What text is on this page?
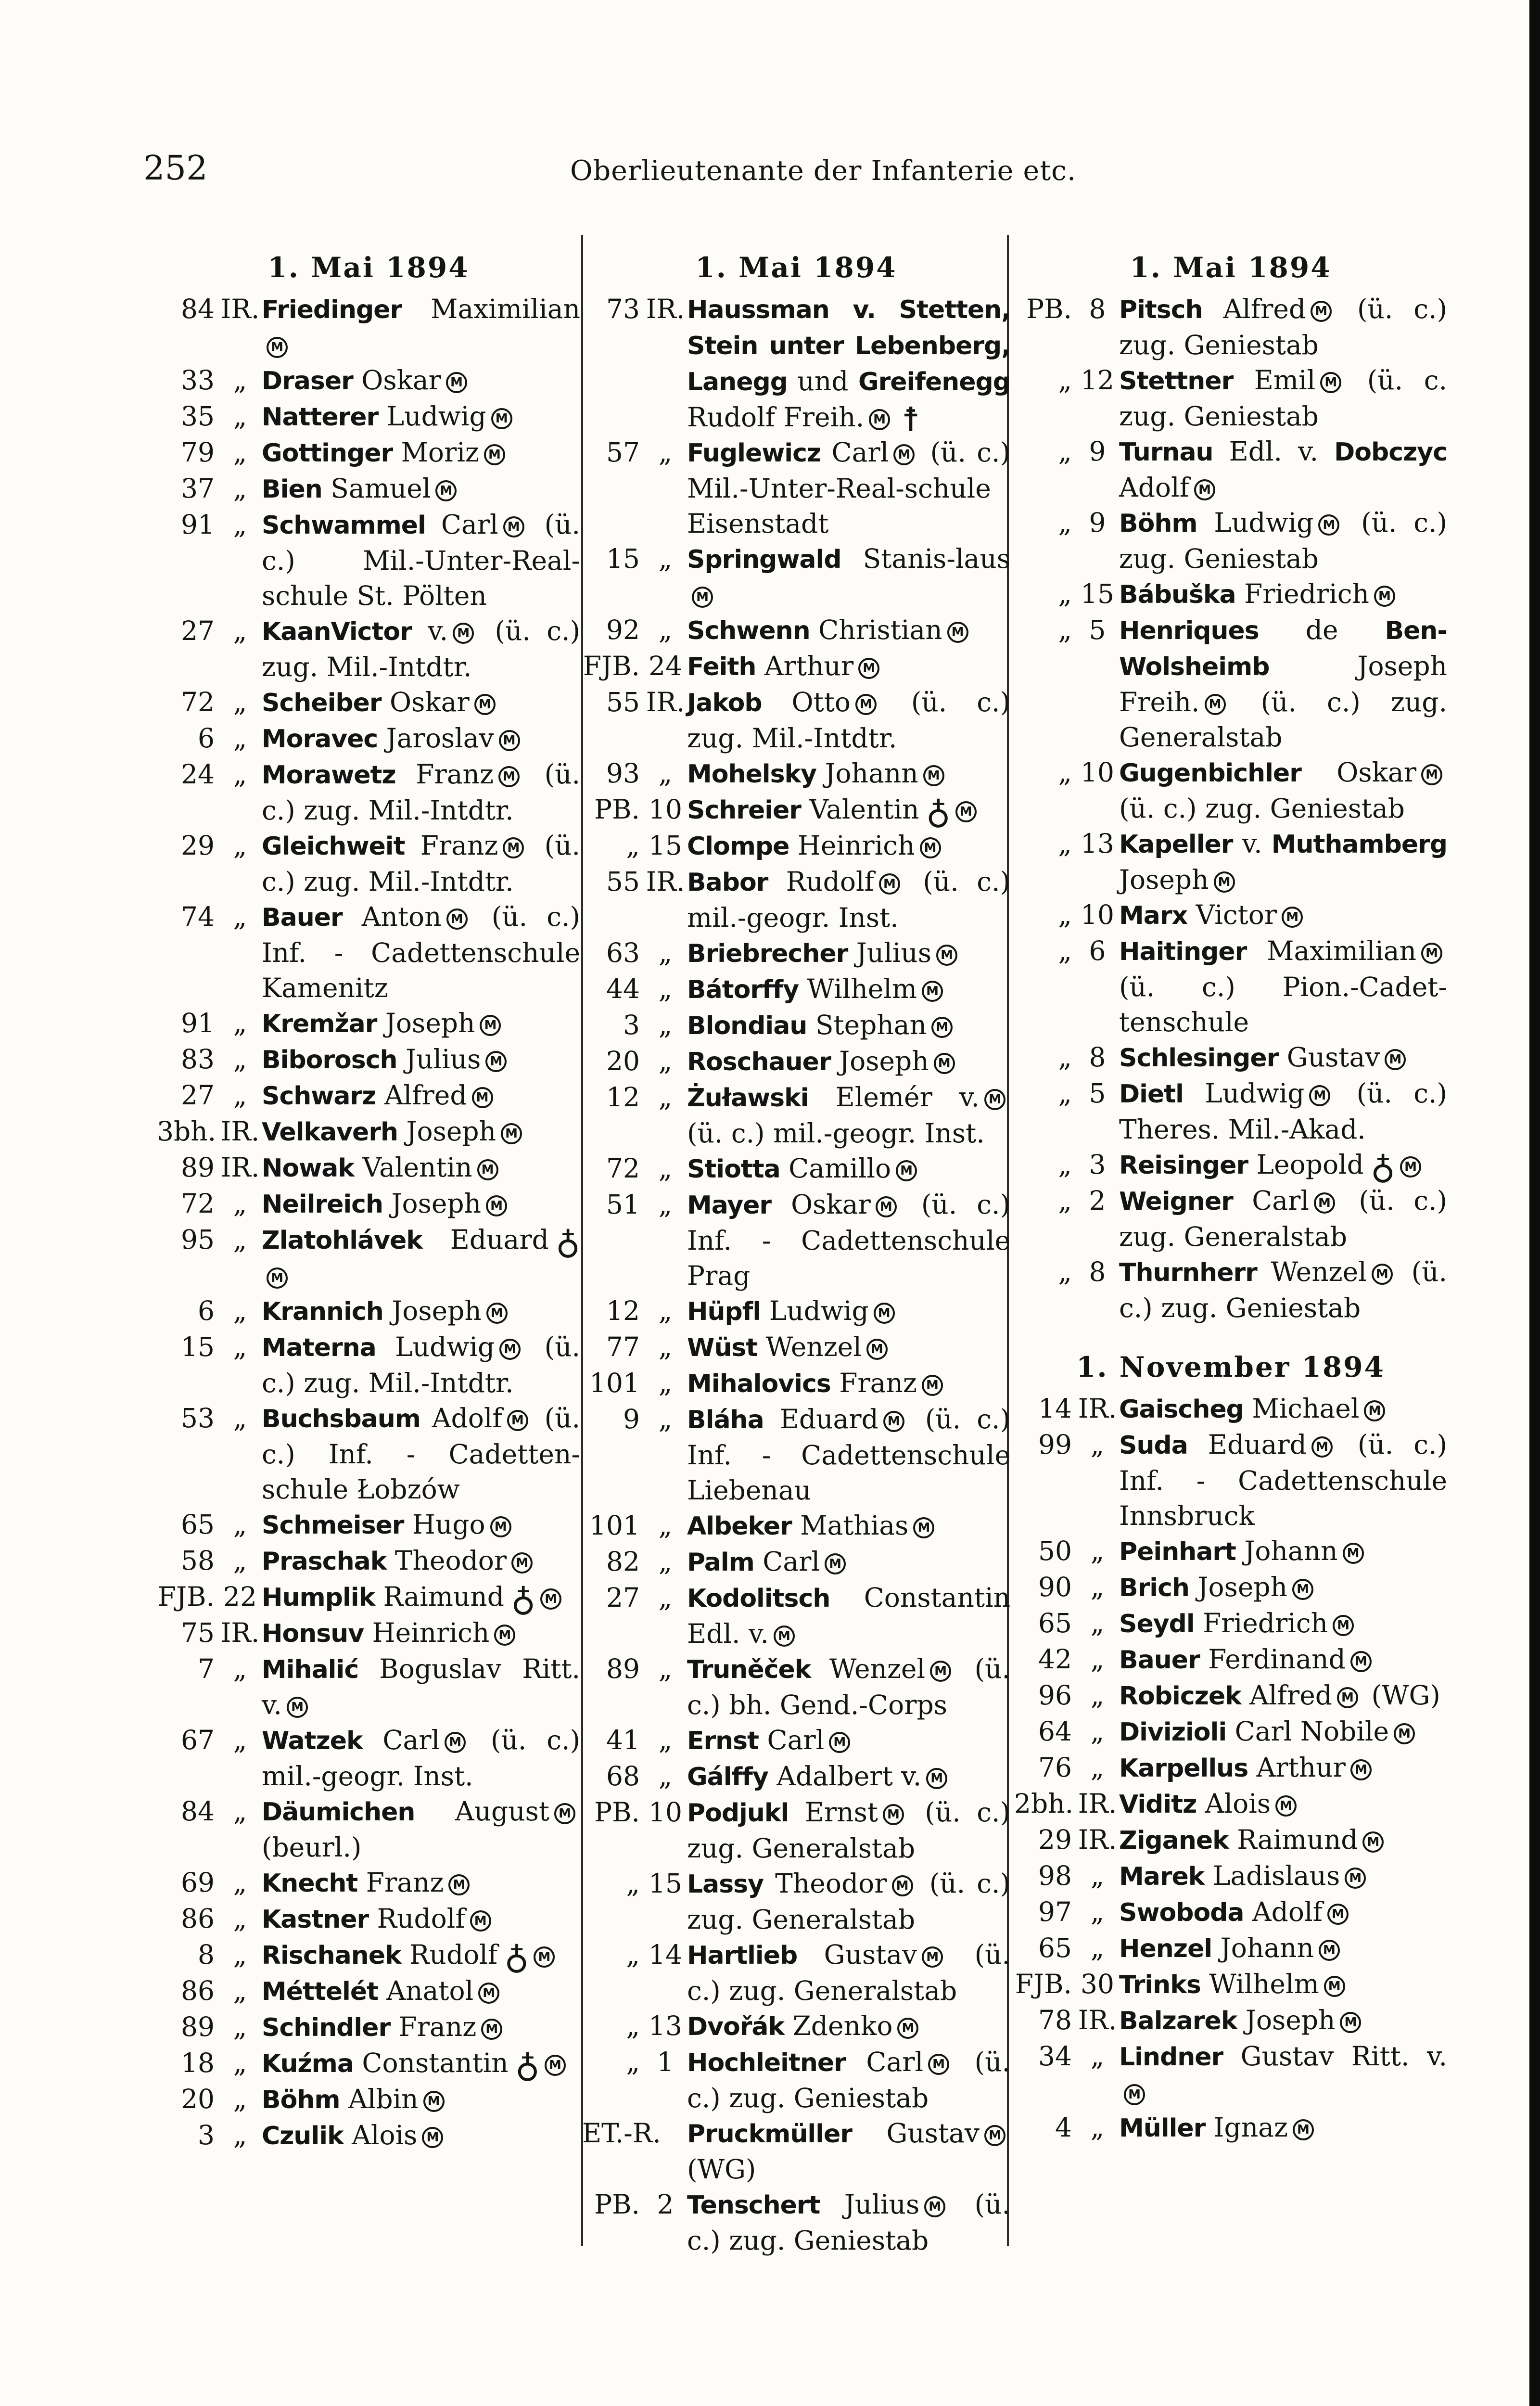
252	Oberlieutenante der Infanterie etc.
1. Mai 1894
84 IR. Friedinger MaximilianM
33 „ Draser Oskar M
35 „ Natterer Ludwig M
79 „ Gottinger Moriz M
37 „ Bien Samuel M
91 „ Schwammel Carl M (ü. c.) Mil.-Unter-Real-schule St. Pölten
27 „ KaanVictor v. M (ü. c.) zug. Mil.-Intdtr.
72 „ Scheiber Oskar M
6 „ Moravec Jaroslav M
24 „ Morawetz Franz M (ü. c.) zug. Mil.-Intdtr.
29 „ Gleichweit Franz M (ü. c.) zug. Mil.-Intdtr.
74 „ Bauer Anton M (ü. c.) Inf. - Cadettenschule Kamenitz
91 „ Kremžar Joseph M
83 „ Biborosch Julius M
27 „ Schwarz Alfred M
3bh. IR. Velkaverh Joseph M
89 IR. Nowak Valentin M
72 „ Neilreich Joseph M
95 „ Zlatohlávek Eduard ♁M
6 „ Krannich Joseph M
15 „ Materna Ludwig M (ü. c.) zug. Mil.-Intdtr.
53 „ Buchsbaum Adolf M (ü. c.) Inf. - Cadetten-schule Łobzów
65 „ Schmeiser Hugo M
58 „ Praschak Theodor M
FJB. 22 Humplik Raimund ♁ M
75 IR. Honsuv Heinrich M
7 „ Mihalić Boguslav Ritt. v. M
67 „ Watzek Carl M (ü. c.) mil.-geogr. Inst.
84 „ Däumichen August M (beurl.)
69 „ Knecht Franz M
86 „ Kastner Rudolf M
8 „ Rischanek Rudolf ♁ M
86 „ Méttelét Anatol M
89 „ Schindler Franz M
18 „ Kuźma Constantin ♁ M
20 „ Böhm Albin M
3 „ Czulik Alois M
1. Mai 1894
73 IR. Haussman v. Stetten, Stein unter Lebenberg, Lanegg und Greifenegg Rudolf Freih. M ☨
57 „ Fuglewicz Carl M (ü. c.) Mil.-Unter-Real-schule Eisenstadt
15 „ Springwald Stanis-lausM
92 „ Schwenn Christian M
FJB. 24 Feith Arthur M
55 IR. Jakob Otto M (ü. c.) zug. Mil.-Intdtr.
93 „ Mohelsky Johann M
PB. 10 Schreier Valentin ♁ M
„ 15 Clompe Heinrich M
55 IR. Babor Rudolf M (ü. c.) mil.-geogr. Inst.
63 „ Briebrecher Julius M
44 „ Bátorffy Wilhelm M
3 „ Blondiau Stephan M
20 „ Roschauer Joseph M
12 „ Żuławski Elemér v. M (ü. c.) mil.-geogr. Inst.
72 „ Stiotta Camillo M
51 „ Mayer Oskar M (ü. c.) Inf. - Cadettenschule Prag
12 „ Hüpfl Ludwig M
77 „ Wüst Wenzel M
101 „ Mihalovics Franz M
9 „ Bláha Eduard M (ü. c.) Inf. - Cadettenschule Liebenau
101 „ Albeker Mathias M
82 „ Palm Carl M
27 „ Kodolitsch Constantin Edl. v. M
89 „ Truněček Wenzel M (ü. c.) bh. Gend.-Corps
41 „ Ernst Carl M
68 „ Gálffy Adalbert v. M
PB. 10 Podjukl Ernst M (ü. c.) zug. Generalstab
„ 15 Lassy Theodor M (ü. c.) zug. Generalstab
„ 14 Hartlieb Gustav M (ü. c.) zug. Generalstab
„ 13 Dvořák Zdenko M
„ 1 Hochleitner Carl M (ü. c.) zug. Geniestab
ET.-R. Pruckmüller Gustav M (WG)
PB. 2 Tenschert Julius M (ü. c.) zug. Geniestab
1. Mai 1894
PB. 8 Pitsch Alfred M (ü. c.) zug. Geniestab
„ 12 Stettner Emil M (ü. c. zug. Geniestab
„ 9 Turnau Edl. v. Dobczyc Adolf M
„ 9 Böhm Ludwig M (ü. c.) zug. Geniestab
„ 15 Bábuška Friedrich M
„ 5 Henriques de Ben-Wolsheimb Joseph Freih. M (ü. c.) zug. Generalstab
„ 10 Gugenbichler Oskar M (ü. c.) zug. Geniestab
„ 13 Kapeller v. Muthamberg Joseph M
„ 10 Marx Victor M
„ 6 Haitinger Maximilian M (ü. c.) Pion.-Cadet-tenschule
„ 8 Schlesinger Gustav M
„ 5 Dietl Ludwig M (ü. c.) Theres. Mil.-Akad.
„ 3 Reisinger Leopold ♁ M
„ 2 Weigner Carl M (ü. c.) zug. Generalstab
„ 8 Thurnherr Wenzel M (ü. c.) zug. Geniestab
1. November 1894
14 IR. Gaischeg Michael M
99 „ Suda Eduard M (ü. c.) Inf. - Cadettenschule Innsbruck
50 „ Peinhart Johann M
90 „ Brich Joseph M
65 „ Seydl Friedrich M
42 „ Bauer Ferdinand M
96 „ Robiczek Alfred M (WG)
64 „ Divizioli Carl Nobile M
76 „ Karpellus Arthur M
2bh. IR. Viditz Alois M
29 IR. Ziganek Raimund M
98 „ Marek Ladislaus M
97 „ Swoboda Adolf M
65 „ Henzel Johann M
FJB. 30 Trinks Wilhelm M
78 IR. Balzarek Joseph M
34 „ Lindner Gustav Ritt. v.M
4 „ Müller Ignaz M
